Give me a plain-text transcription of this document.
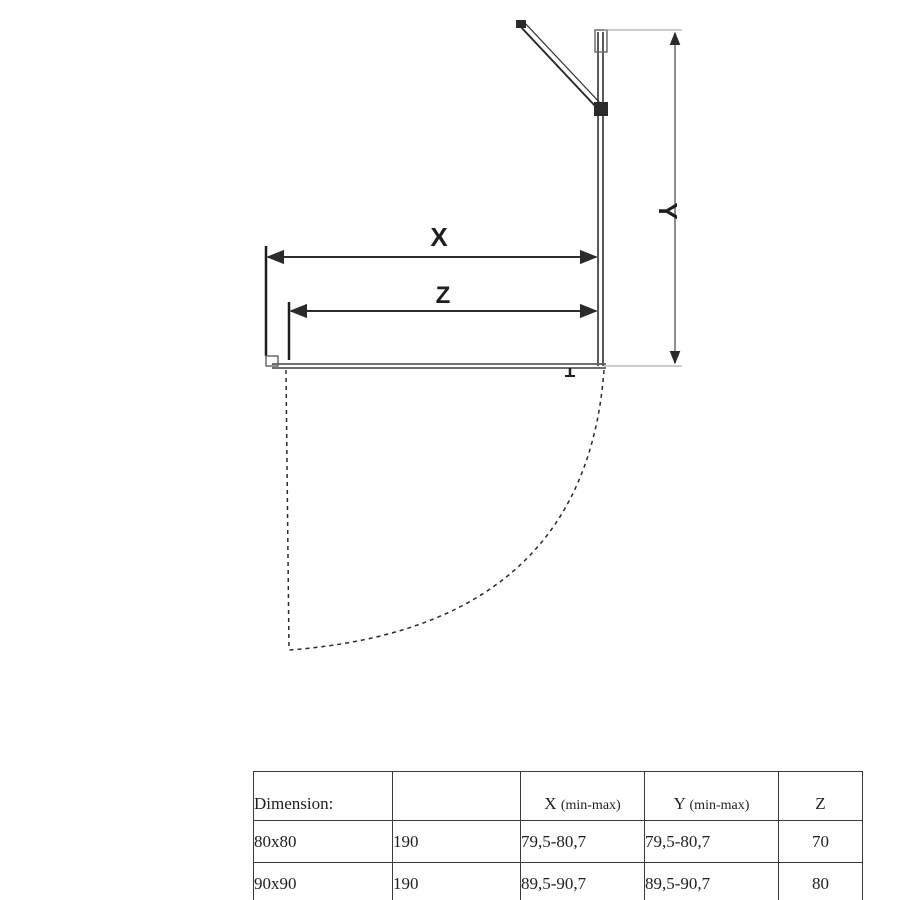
X
Z
Y
Dimension:		X (min-max)	Y (min-max)	Z
80x80	190	79,5-80,7	79,5-80,7	70
90x90	190	89,5-90,7	89,5-90,7	80
